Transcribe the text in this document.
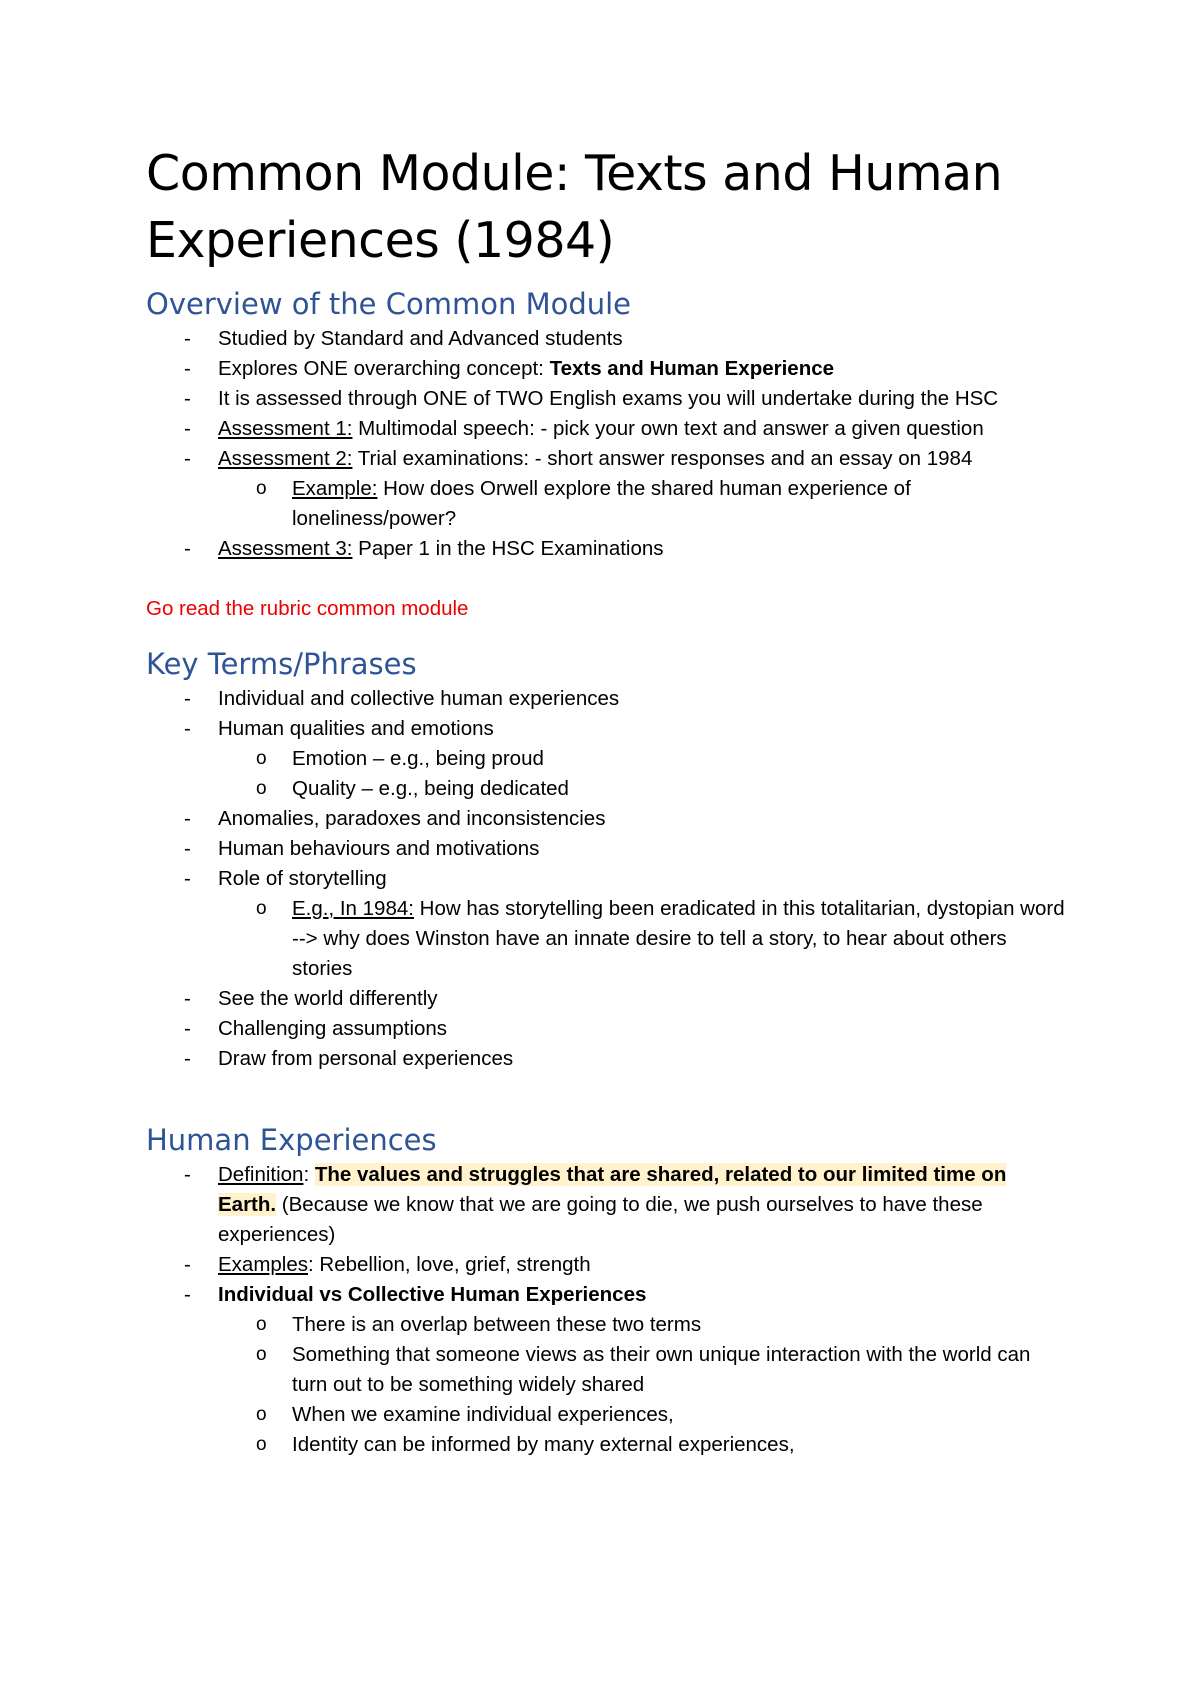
Common Module: Texts and Human Experiences (1984)
Overview of the Common Module
- Studied by Standard and Advanced students
- Explores ONE overarching concept: Texts and Human Experience
- It is assessed through ONE of TWO English exams you will undertake during the HSC
- Assessment 1: Multimodal speech: - pick your own text and answer a given question
- Assessment 2: Trial examinations: - short answer responses and an essay on 1984
o Example: How does Orwell explore the shared human experience of loneliness/power?
- Assessment 3: Paper 1 in the HSC Examinations
Go read the rubric common module
Key Terms/Phrases
- Individual and collective human experiences
- Human qualities and emotions
o Emotion – e.g., being proud
o Quality – e.g., being dedicated
- Anomalies, paradoxes and inconsistencies
- Human behaviours and motivations
- Role of storytelling
o E.g., In 1984: How has storytelling been eradicated in this totalitarian, dystopian word --> why does Winston have an innate desire to tell a story, to hear about others stories
- See the world differently
- Challenging assumptions
- Draw from personal experiences
Human Experiences
- Definition: The values and struggles that are shared, related to our limited time on Earth. (Because we know that we are going to die, we push ourselves to have these experiences)
- Examples: Rebellion, love, grief, strength
- Individual vs Collective Human Experiences
o There is an overlap between these two terms
o Something that someone views as their own unique interaction with the world can turn out to be something widely shared
o When we examine individual experiences,
o Identity can be informed by many external experiences,
